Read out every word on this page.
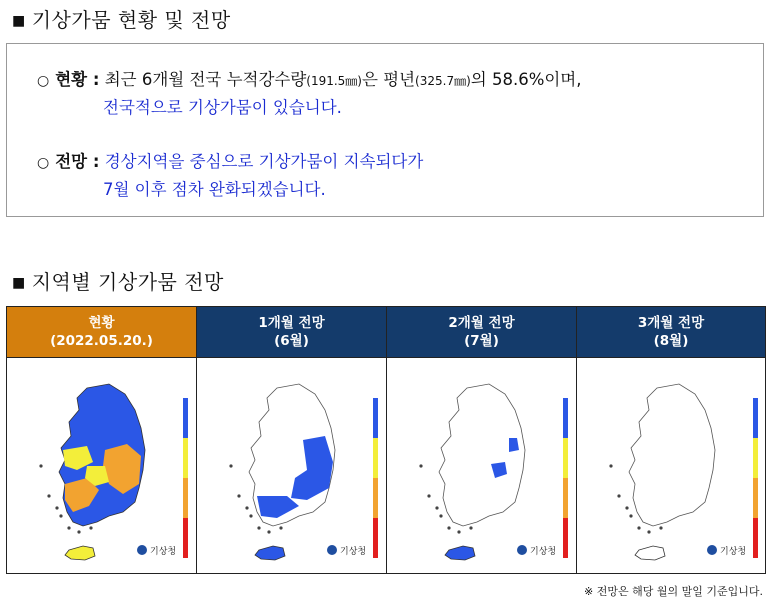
■ 기상가뭄 현황 및 전망
○ 현황 : 최근 6개월 전국 누적강수량(191.5㎜)은 평년(325.7㎜)의 58.6%이며,
전국적으로 기상가뭄이 있습니다.
○ 전망 : 경상지역을 중심으로 기상가뭄이 지속되다가
7월 이후 점차 완화되겠습니다.
■ 지역별 기상가뭄 전망
현황
(2022.05.20.)
기상청
1개월 전망
(6월)
기상청
2개월 전망
(7월)
기상청
3개월 전망
(8월)
기상청
※ 전망은 해당 월의 말일 기준입니다.
